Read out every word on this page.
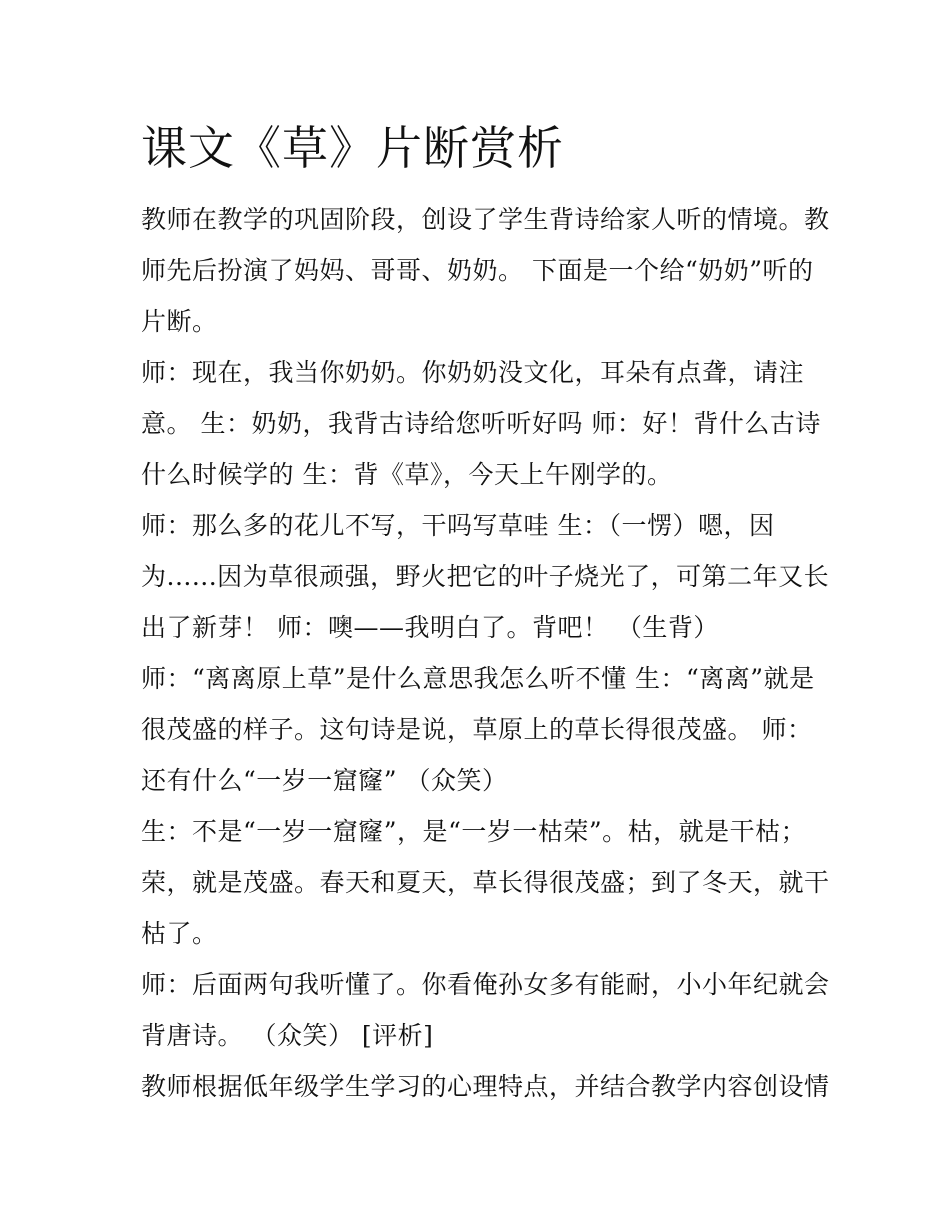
课文《草》片断赏析
教师在教学的巩固阶段，创设了学生背诗给家人听的情境。教
师先后扮演了妈妈、哥哥、奶奶。 下面是一个给“奶奶”听的
片断。
师：现在，我当你奶奶。你奶奶没文化，耳朵有点聋，请注
意。 生：奶奶，我背古诗给您听听好吗 师：好！背什么古诗
什么时候学的 生：背《草》，今天上午刚学的。
师：那么多的花儿不写，干吗写草哇 生：（一愣）嗯，因
为......因为草很顽强，野火把它的叶子烧光了，可第二年又长
出了新芽！ 师：噢——我明白了。背吧！ （生背）
师：“离离原上草”是什么意思我怎么听不懂 生：“离离”就是
很茂盛的样子。这句诗是说，草原上的草长得很茂盛。 师：
还有什么“一岁一窟窿” （众笑）
生：不是“一岁一窟窿”，是“一岁一枯荣”。枯，就是干枯；
荣，就是茂盛。春天和夏天，草长得很茂盛；到了冬天，就干
枯了。
师：后面两句我听懂了。你看俺孙女多有能耐，小小年纪就会
背唐诗。 （众笑） [评析]
教师根据低年级学生学习的心理特点，并结合教学内容创设情
